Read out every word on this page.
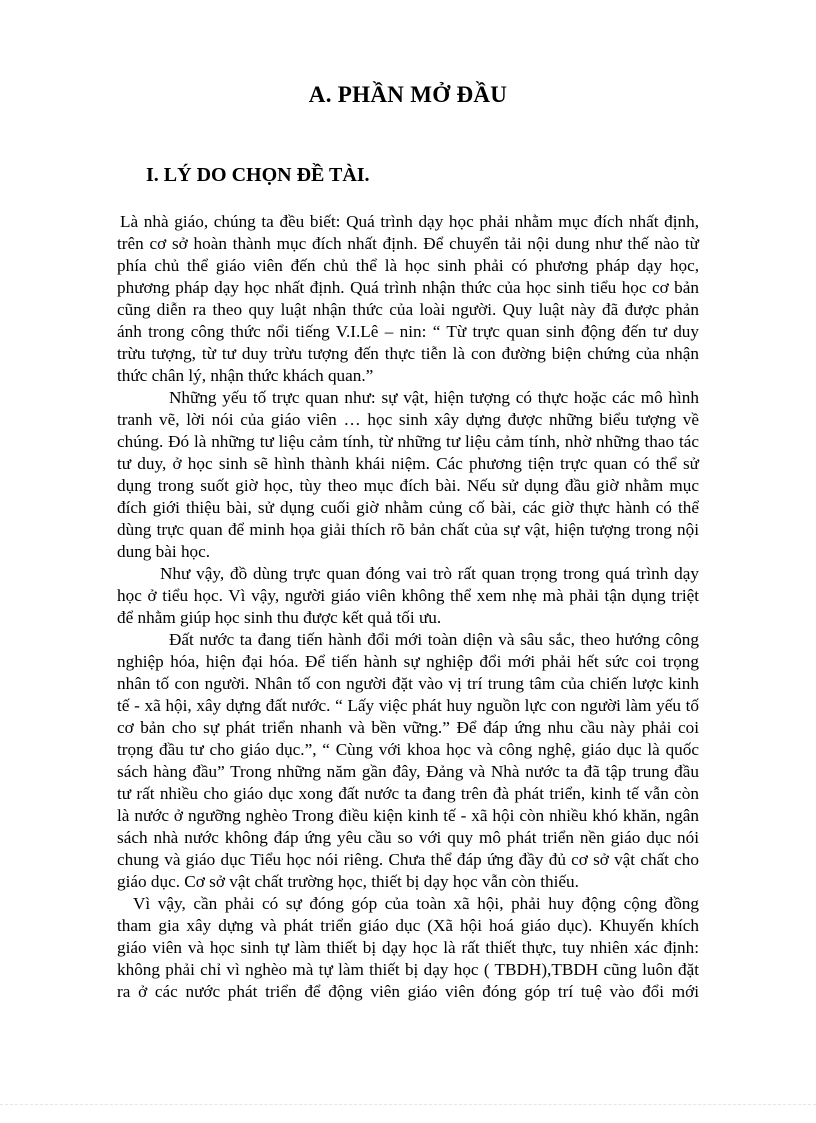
A. PHẦN MỞ ĐẦU
I. LÝ DO CHỌN ĐỀ TÀI.

Là nhà giáo, chúng ta đều biết: Quá trình dạy học phải nhằm mục đích nhất định,
trên cơ sở hoàn thành mục đích nhất định. Để chuyển tải nội dung như thế nào từ
phía chủ thể giáo viên đến chủ thể là học sinh phải có phương pháp dạy học,
phương pháp dạy học nhất định. Quá trình nhận thức của học sinh tiểu học cơ bản
cũng diễn ra theo quy luật nhận thức của loài người. Quy luật này đã được phản
ánh trong công thức nổi tiếng V.I.Lê – nin: “ Từ trực quan sinh động đến tư duy
trừu tượng, từ tư duy trừu tượng đến thực tiễn là con đường biện chứng của nhận
thức chân lý, nhận thức khách quan.”

Những yếu tố trực quan như: sự vật, hiện tượng có thực hoặc các mô hình
tranh vẽ, lời nói của giáo viên … học sinh xây dựng được những biểu tượng về
chúng. Đó là những tư liệu cảm tính, từ những tư liệu cảm tính, nhờ những thao tác
tư duy, ở học sinh sẽ hình thành khái niệm. Các phương tiện trực quan có thể sử
dụng trong suốt giờ học, tùy theo mục đích bài. Nếu sử dụng đầu giờ nhằm mục
đích giới thiệu bài, sử dụng cuối giờ nhằm củng cố bài, các giờ thực hành có thể
dùng trực quan để minh họa giải thích rõ bản chất của sự vật, hiện tượng trong nội
dung bài học.

Như vậy, đồ dùng trực quan đóng vai trò rất quan trọng trong quá trình dạy
học ở tiểu học. Vì vậy, người giáo viên không thể xem nhẹ mà phải tận dụng triệt
để nhằm giúp học sinh thu được kết quả tối ưu.

Đất nước ta đang tiến hành đổi mới toàn diện và sâu sắc, theo hướng công
nghiệp hóa, hiện đại hóa. Để tiến hành sự nghiệp đổi mới phải hết sức coi trọng
nhân tố con người. Nhân tố con người đặt vào vị trí trung tâm của chiến lược kinh
tế - xã hội, xây dựng đất nước. “ Lấy việc phát huy nguồn lực con người làm yếu tố
cơ bản cho sự phát triển nhanh và bền vững.” Để đáp ứng nhu cầu này phải coi
trọng đầu tư cho giáo dục.”, “ Cùng với khoa học và công nghệ, giáo dục là quốc
sách hàng đầu” Trong những năm gần đây, Đảng và Nhà nước ta đã tập trung đầu
tư rất nhiều cho giáo dục xong đất nước ta đang trên đà phát triển, kinh tế vẫn còn
là nước ở ngưỡng nghèo Trong điều kiện kinh tế - xã hội còn nhiều khó khăn, ngân
sách nhà nước không đáp ứng yêu cầu so với quy mô phát triển nền giáo dục nói
chung và giáo dục Tiểu học nói riêng. Chưa thể đáp ứng đầy đủ cơ sở vật chất cho
giáo dục. Cơ sở vật chất trường học, thiết bị dạy học vẫn còn thiếu.

Vì vậy, cần phải có sự đóng góp của toàn xã hội, phải huy động cộng đồng
tham gia xây dựng và phát triển giáo dục (Xã hội hoá giáo dục). Khuyến khích
giáo viên và học sinh tự làm thiết bị dạy học là rất thiết thực, tuy nhiên xác định:
không phải chỉ vì nghèo mà tự làm thiết bị dạy học ( TBDH),TBDH cũng luôn đặt
ra ở các nước phát triển để động viên giáo viên đóng góp trí tuệ vào đổi mới
